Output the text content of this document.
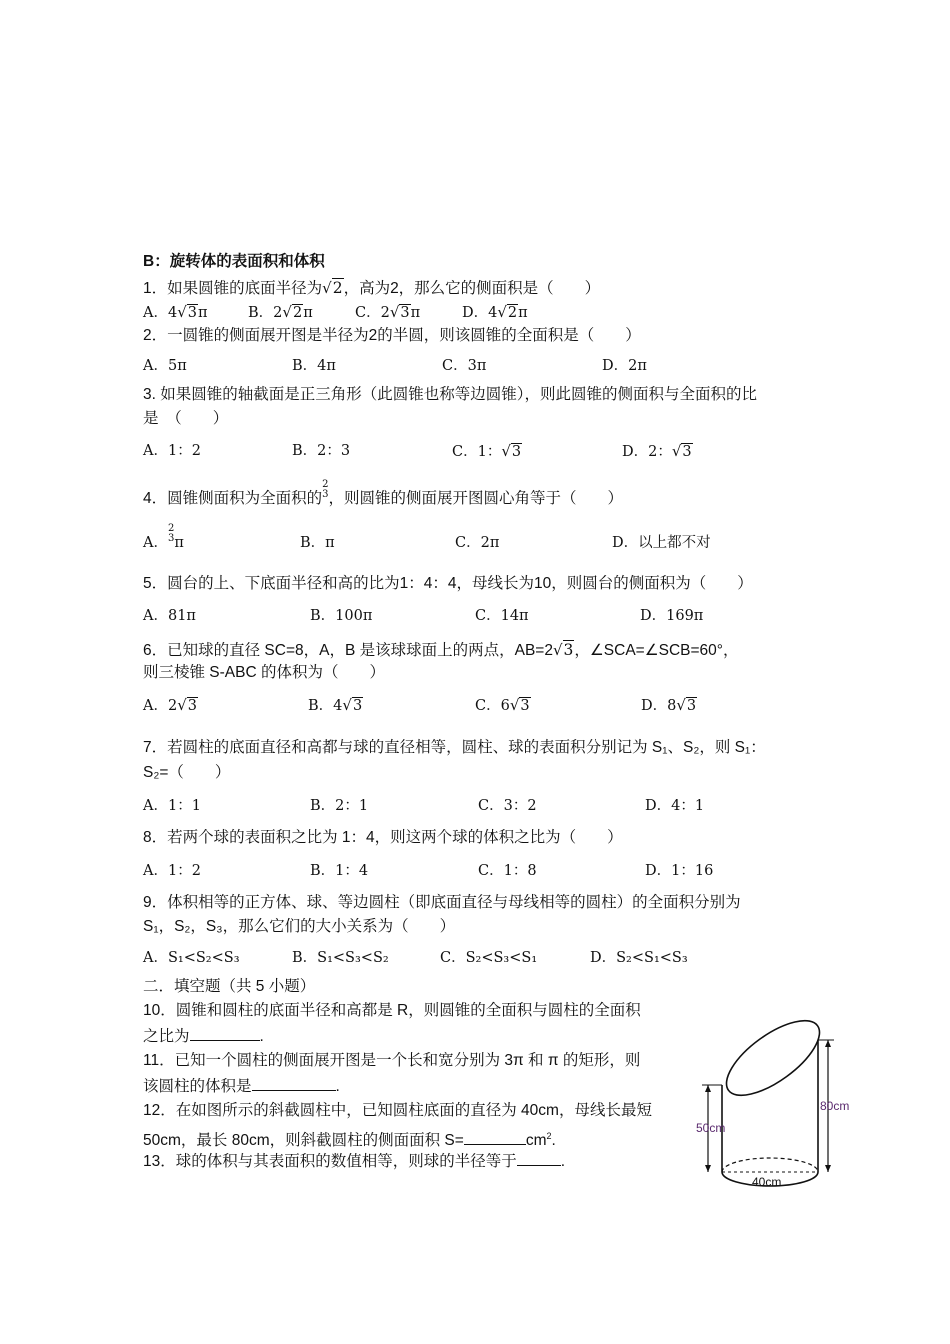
B：旋转体的表面积和体积
1．如果圆锥的底面半径为√2，高为2，那么它的侧面积是（　　）
A．4√3π	B．2√2π	C．2√3π	D．4√2π
2．一圆锥的侧面展开图是半径为2的半圆，则该圆锥的全面积是（　　）
A．5π	B．4π	C．3π	D．2π
3. 如果圆锥的轴截面是正三角形（此圆锥也称等边圆锥），则此圆锥的侧面积与全面积的比
是　（　　）
A．1：2	B．2：3	C．1：√3	D．2：√3
4．圆锥侧面积为全面积的
2
3 ，则圆锥的侧面展开图圆心角等于（　　）
A．
2
3 π	B．π	C．2π	D．以上都不对
5．圆台的上、下底面半径和高的比为1：4：4，母线长为10，则圆台的侧面积为（　　）
A．81π	B．100π	C．14π	D．169π
6．已知球的直径 SC=8，A，B 是该球球面上的两点，AB=2√3，∠SCA=∠SCB=60°，
则三棱锥 S-ABC 的体积为（　　）
A．2√3	B．4√3	C．6√3	D．8√3
7．若圆柱的底面直径和高都与球的直径相等，圆柱、球的表面积分别记为 S₁、S₂，则 S₁：
S₂=（　　）
A．1：1	B．2：1	C．3：2	D．4：1
8．若两个球的表面积之比为 1：4，则这两个球的体积之比为（　　）
A．1：2	B．1：4	C．1：8	D．1：16
9．体积相等的正方体、球、等边圆柱（即底面直径与母线相等的圆柱）的全面积分别为
S₁，S₂，S₃，那么它们的大小关系为（　　）
A．S₁<S₂<S₃	B．S₁<S₃<S₂	C．S₂<S₃<S₁	D．S₂<S₁<S₃
二．填空题（共 5 小题）
10．圆锥和圆柱的底面半径和高都是 R，则圆锥的全面积与圆柱的全面积
之比为	.
11．已知一个圆柱的侧面展开图是一个长和宽分别为 3π 和 π 的矩形，则
该圆柱的体积是	.
12．在如图所示的斜截圆柱中，已知圆柱底面的直径为 40cm，母线长最短
50cm，最长 80cm，则斜截圆柱的侧面面积 S=	$cm^2$.
13．球的体积与其表面积的数值相等，则球的半径等于	.
50cm
80cm
40cm
